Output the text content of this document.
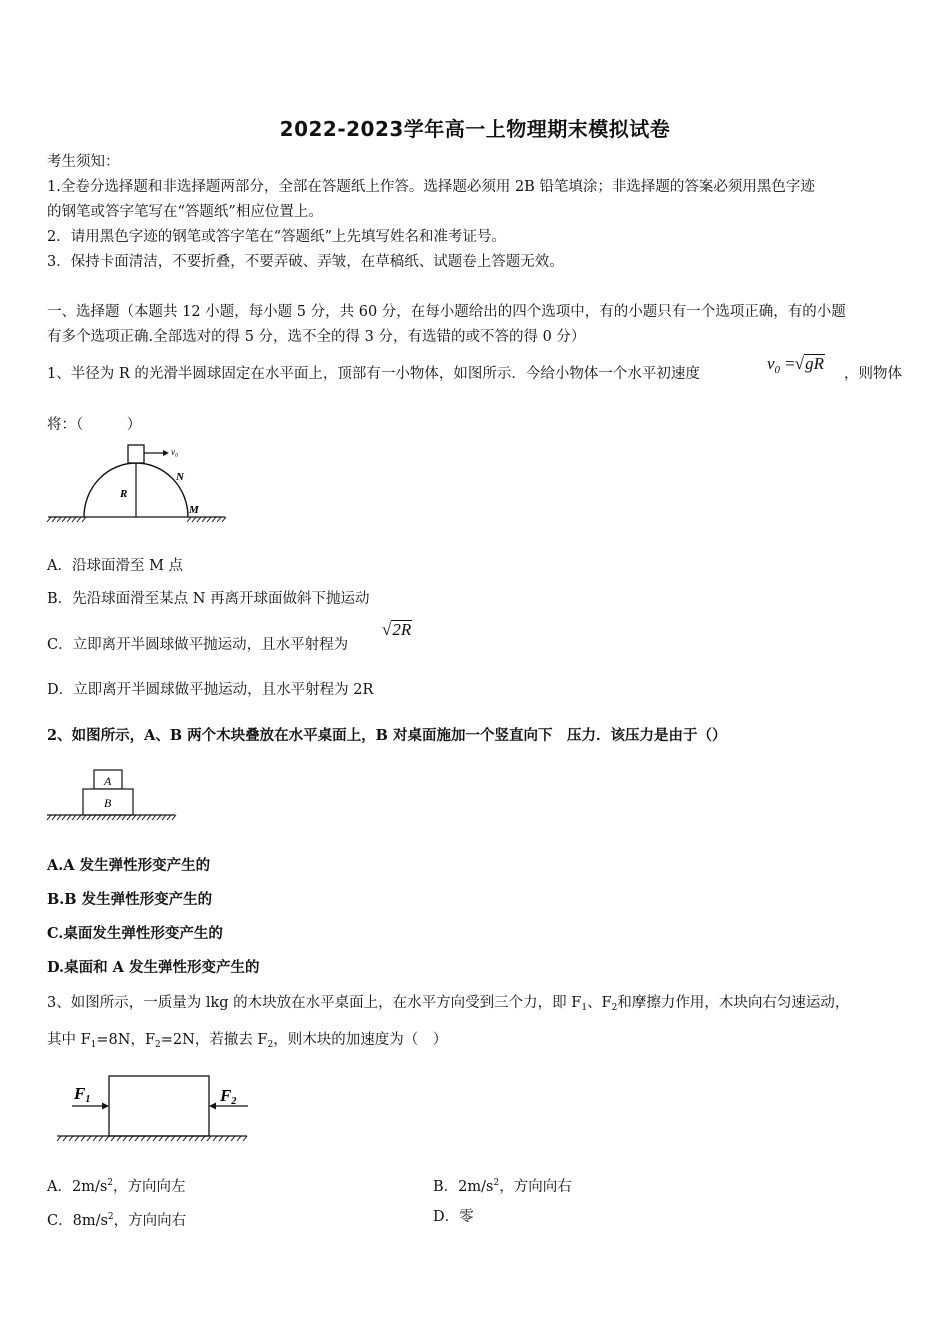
2022-2023学年高一上物理期末模拟试卷
考生须知：
1.全卷分选择题和非选择题两部分，全部在答题纸上作答。选择题必须用 2B 铅笔填涂；非选择题的答案必须用黑色字迹
的钢笔或答字笔写在“答题纸”相应位置上。
2．请用黑色字迹的钢笔或答字笔在“答题纸”上先填写姓名和准考证号。
3．保持卡面清洁，不要折叠，不要弄破、弄皱，在草稿纸、试题卷上答题无效。
一、选择题（本题共 12 小题，每小题 5 分，共 60 分，在每小题给出的四个选项中，有的小题只有一个选项正确，有的小题
有多个选项正确.全部选对的得 5 分，选不全的得 3 分，有选错的或不答的得 0 分）
1、半径为 R 的光滑半圆球固定在水平面上，顶部有一小物体，如图所示．今给小物体一个水平初速度
$v_0 =√gR$
，则物体
将：（　　　）
v₀
N
R
M
A．沿球面滑至 M 点
B．先沿球面滑至某点 N 再离开球面做斜下抛运动
C．立即离开半圆球做平抛运动，且水平射程为
√2R
D．立即离开半圆球做平抛运动，且水平射程为 2R
2、如图所示，A、B 两个木块叠放在水平桌面上，B 对桌面施加一个竖直向下　压力．该压力是由于（）
A
B
A.A 发生弹性形变产生的
B.B 发生弹性形变产生的
C.桌面发生弹性形变产生的
D.桌面和 A 发生弹性形变产生的
3、如图所示，一质量为 lkg 的木块放在水平桌面上，在水平方向受到三个力，即 $F_1$、$F_2$和摩擦力作用，木块向右匀速运动，
其中 $F_1=8N$，$F_2=2N$，若撤去 $F_2$，则木块的加速度为（　）
F1	F2
A．$2m/s^2$，方向向左	B．$2m/s^2$，方向向右
C．$8m/s^2$，方向向右	D．零
